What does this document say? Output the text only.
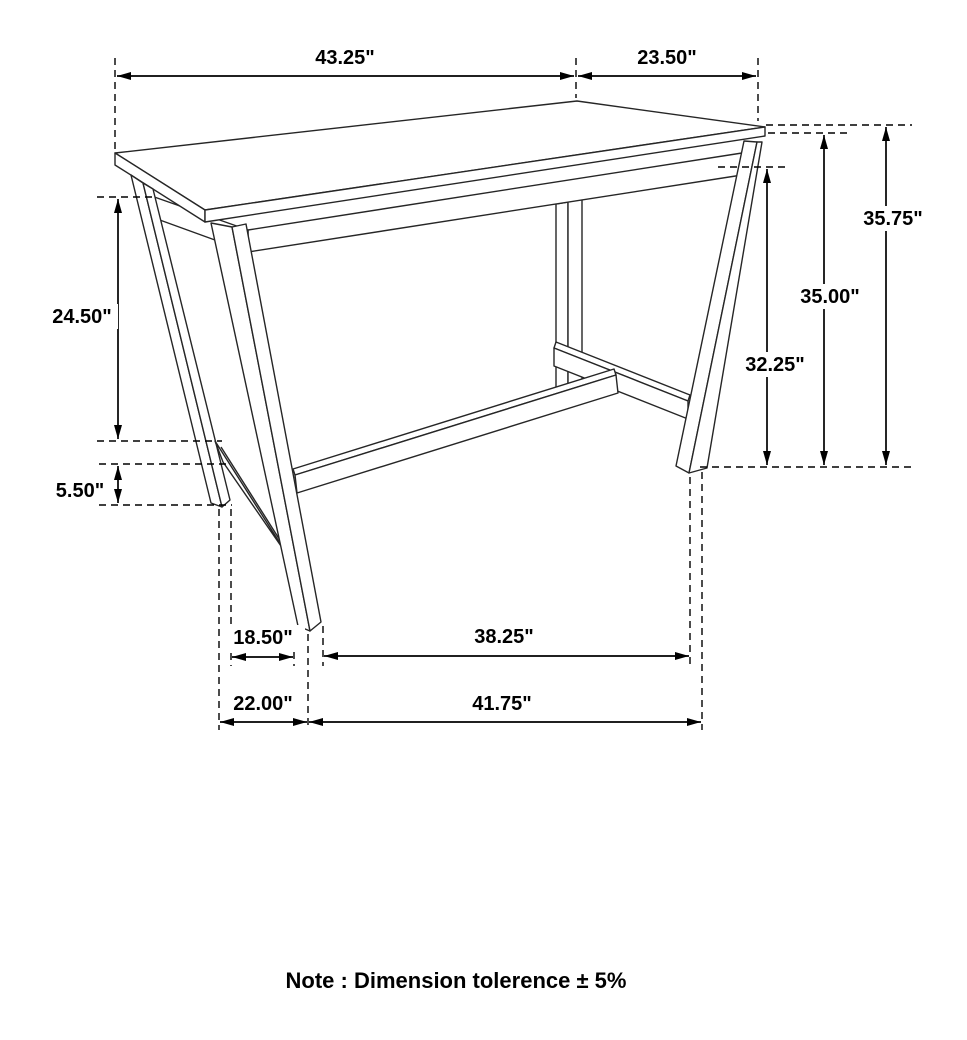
43.25"	23.50"
35.75"
35.00"
32.25"
24.50"
5.50"
18.50"	38.25"
22.00"	41.75"
Note : Dimension tolerence ± 5%
